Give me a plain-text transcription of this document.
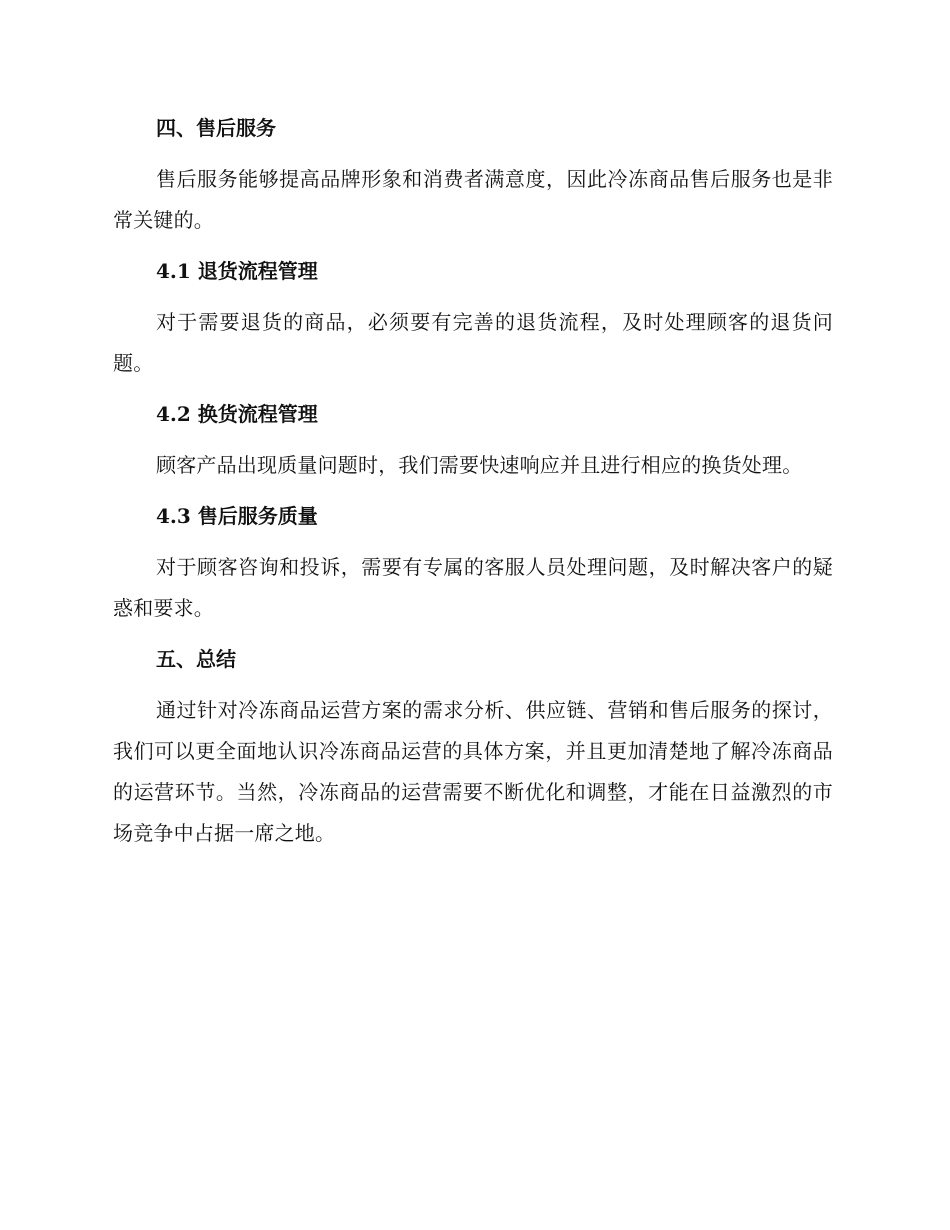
四、售后服务

售后服务能够提高品牌形象和消费者满意度，因此冷冻商品售后服务也是非常关键的。

4.1 退货流程管理

对于需要退货的商品，必须要有完善的退货流程，及时处理顾客的退货问题。

4.2 换货流程管理

顾客产品出现质量问题时，我们需要快速响应并且进行相应的换货处理。

4.3 售后服务质量

对于顾客咨询和投诉，需要有专属的客服人员处理问题，及时解决客户的疑惑和要求。

五、总结

通过针对冷冻商品运营方案的需求分析、供应链、营销和售后服务的探讨，我们可以更全面地认识冷冻商品运营的具体方案，并且更加清楚地了解冷冻商品的运营环节。当然，冷冻商品的运营需要不断优化和调整，才能在日益激烈的市场竞争中占据一席之地。
